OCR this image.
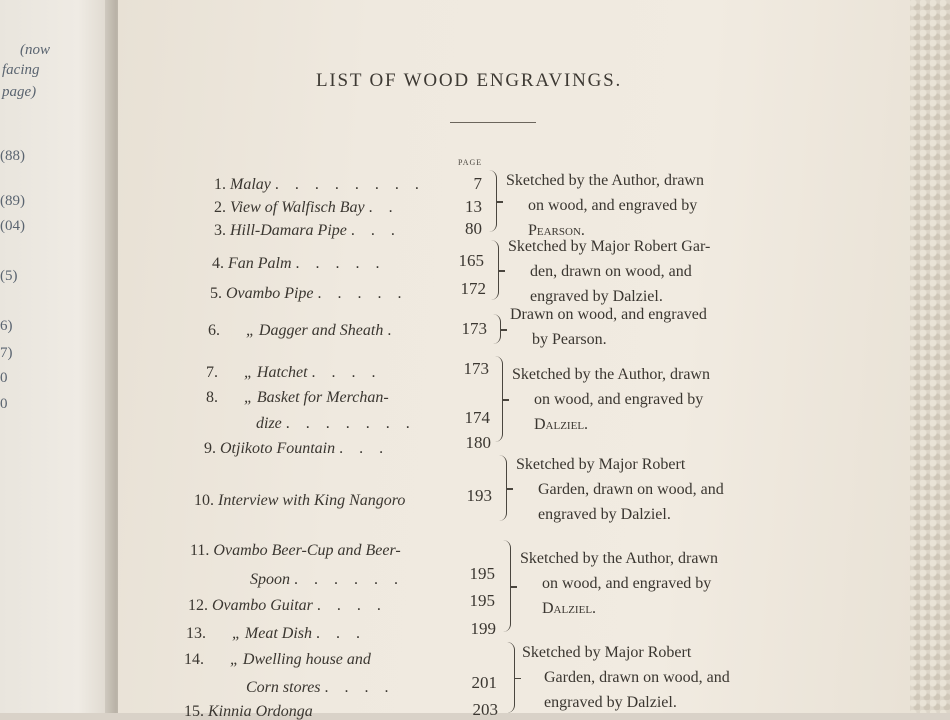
(now
facing
page)
(88)
(89)
(04)
(5)
6)
7)
0
0
LIST OF WOOD ENGRAVINGS.
PAGE
1. Malay . . . . . . . .	7
2. View of Walfisch Bay . .	13
3. Hill-Damara Pipe . . .	80
4. Fan Palm . . . . .	165
5. Ovambo Pipe . . . . .	172
6. „ Dagger and Sheath .	173
7. „ Hatchet . . . .	173
8. „ Basket for Merchan-
dize . . . . . . .	174
9. Otjikoto Fountain . . .	180
10. Interview with King Nangoro	193
11. Ovambo Beer-Cup and Beer-
Spoon . . . . . .	195
12. Ovambo Guitar . . . .	195
13. „ Meat Dish . . .	199
14. „ Dwelling house and
Corn stores . . . .	201
15. Kinnia Ordonga	203
Sketched by the Author, drawn
on wood, and engraved by
Pearson.
Sketched by Major Robert Gar-
den, drawn on wood, and
engraved by Dalziel.
Drawn on wood, and engraved
by Pearson.
Sketched by the Author, drawn
on wood, and engraved by
Dalziel.
Sketched by Major Robert
Garden, drawn on wood, and
engraved by Dalziel.
Sketched by the Author, drawn
on wood, and engraved by
Dalziel.
Sketched by Major Robert
Garden, drawn on wood, and
engraved by Dalziel.
